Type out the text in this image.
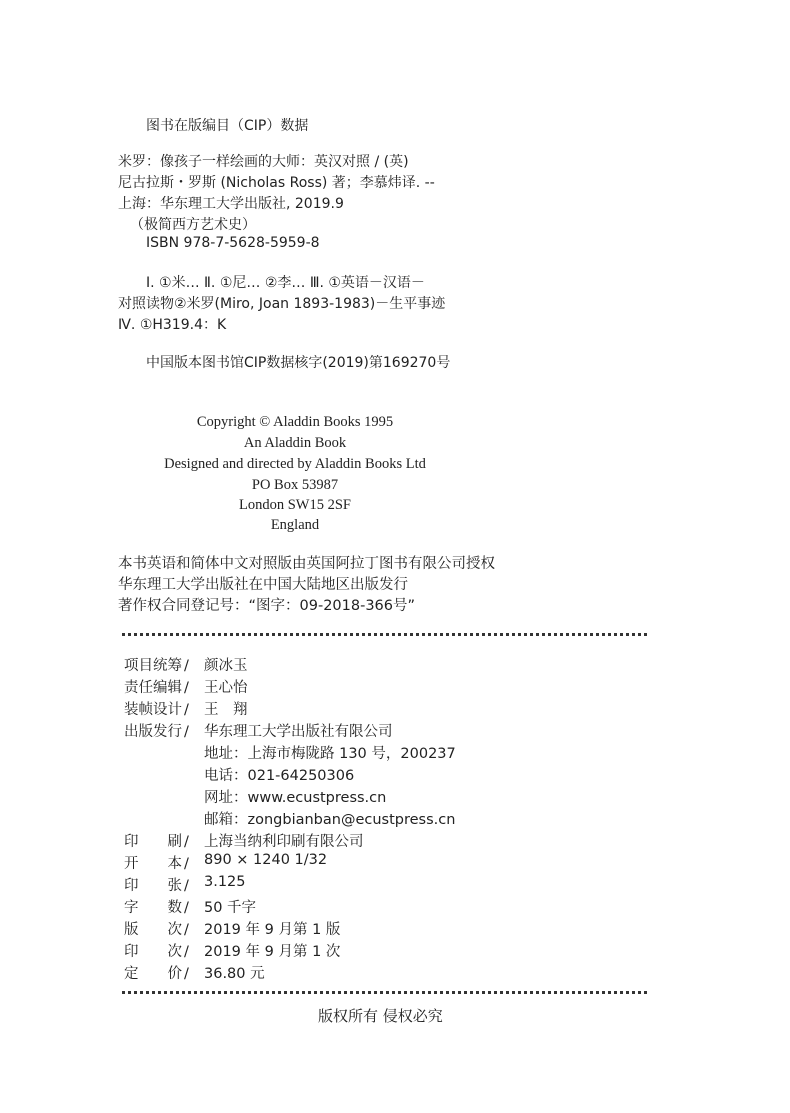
图书在版编目（CIP）数据
米罗：像孩子一样绘画的大师：英汉对照 / (英)
尼古拉斯・罗斯 (Nicholas Ross) 著；李慕炜译. --
上海：华东理工大学出版社, 2019.9
（极简西方艺术史）
ISBN 978-7-5628-5959-8
Ⅰ. ①米… Ⅱ. ①尼… ②李… Ⅲ. ①英语－汉语－
对照读物②米罗(Miro, Joan 1893-1983)－生平事迹
Ⅳ. ①H319.4：K
中国版本图书馆CIP数据核字(2019)第169270号
Copyright © Aladdin Books 1995
An Aladdin Book
Designed and directed by Aladdin Books Ltd
PO Box 53987
London SW15 2SF
England
本书英语和简体中文对照版由英国阿拉丁图书有限公司授权
华东理工大学出版社在中国大陆地区出版发行
著作权合同登记号：“图字：09-2018-366号”
项目统筹 / 颜冰玉
责任编辑 / 王心怡
装帧设计 / 王　翔
出版发行 / 华东理工大学出版社有限公司
地址：上海市梅陇路 130 号，200237
电话：021-64250306
网址：www.ecustpress.cn
邮箱：zongbianban@ecustpress.cn
印　　刷 / 上海当纳利印刷有限公司
开　　本 / 890 × 1240 1/32
印　　张 / 3.125
字　　数 / 50 千字
版　　次 / 2019 年 9 月第 1 版
印　　次 / 2019 年 9 月第 1 次
定　　价 / 36.80 元
版权所有 侵权必究
